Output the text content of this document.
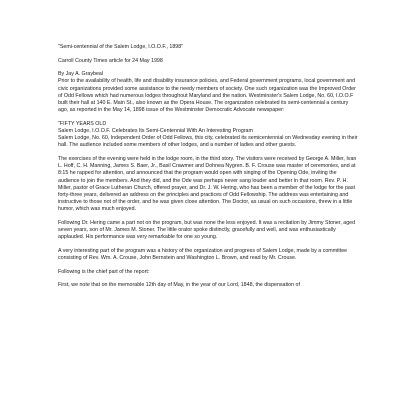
"Semi-centennial of the Salem Lodge, I.O.O.F., 1898"

Carroll County Times article for 24 May 1998

By Jay A. Graybeal
Prior to the availability of health, life and disability insurance policies, and Federal government programs, local government and civic organizations provided some assistance to the needy members of society. One such organization was the Improved Order of Odd Fellows which had numerous lodges throughout Maryland and the nation. Westminster's Salem Lodge, No. 60, I.O.O.F built their hall at 140 E. Main St., also known as the Opera House. The organization celebrated its semi-centennial a century ago, as reported in the May 14, 1898 issue of the Westminster Democratic Advocate newspaper:

"FIFTY YEARS OLD
Salem Lodge, I.O.O.F. Celebrates Its Semi-Centennial With An Interesting Program
Salem Lodge, No. 60, Independent Order of Odd Fellows, this city, celebrated its semicentennial on Wednesday evening in their hall. The audience included some members of other lodges, and a number of ladies and other guests.

The exercises of the evening were held in the lodge room, in the third story. The visitors were received by George A. Miller, Ivan L. Hoff, C. H. Manning, James S. Baer, Jr., Basil Crawmer and Dohnea Nygren. B. F. Crouse was master of ceremonies, and at 8:15 he rapped for attention, and announced that the program would open with singing of the Opening Ode, inviting the audience to join the members. And they did, and the Ode was perhaps never sang louder and better in that room. Rev. P. H. Miller, pastor of Grace Lutheran Church, offered prayer, and Dr. J. W. Hering, who has been a member of the lodge for the past forty-three years, delivered an address on the principles and practices of Odd Fellowship. The address was entertaining and instructive to those not of the order, and he was given close attention. The Doctor, as usual on such occasions, threw in a little humor, which was much enjoyed.

Following Dr. Hering came a part not on the program, but was none the less enjoyed. It was a recitation by Jimmy Stoner, aged seven years, son of Mr. James M. Stoner. The little orator spoke distinctly, gracefully and well, and was enthusiastically applauded. His performance was very remarkable for one so young.

A very interesting part of the program was a history of the organization and progress of Salem Lodge, made by a committee consisting of Rev. Wm. A. Crouse, John Bernstein and Washington L. Brown, and read by Mr. Crouse.

Following is the chief part of the report:

First, we note that on the memorable 12th day of May, in the year of our Lord, 1848, the dispensation of
